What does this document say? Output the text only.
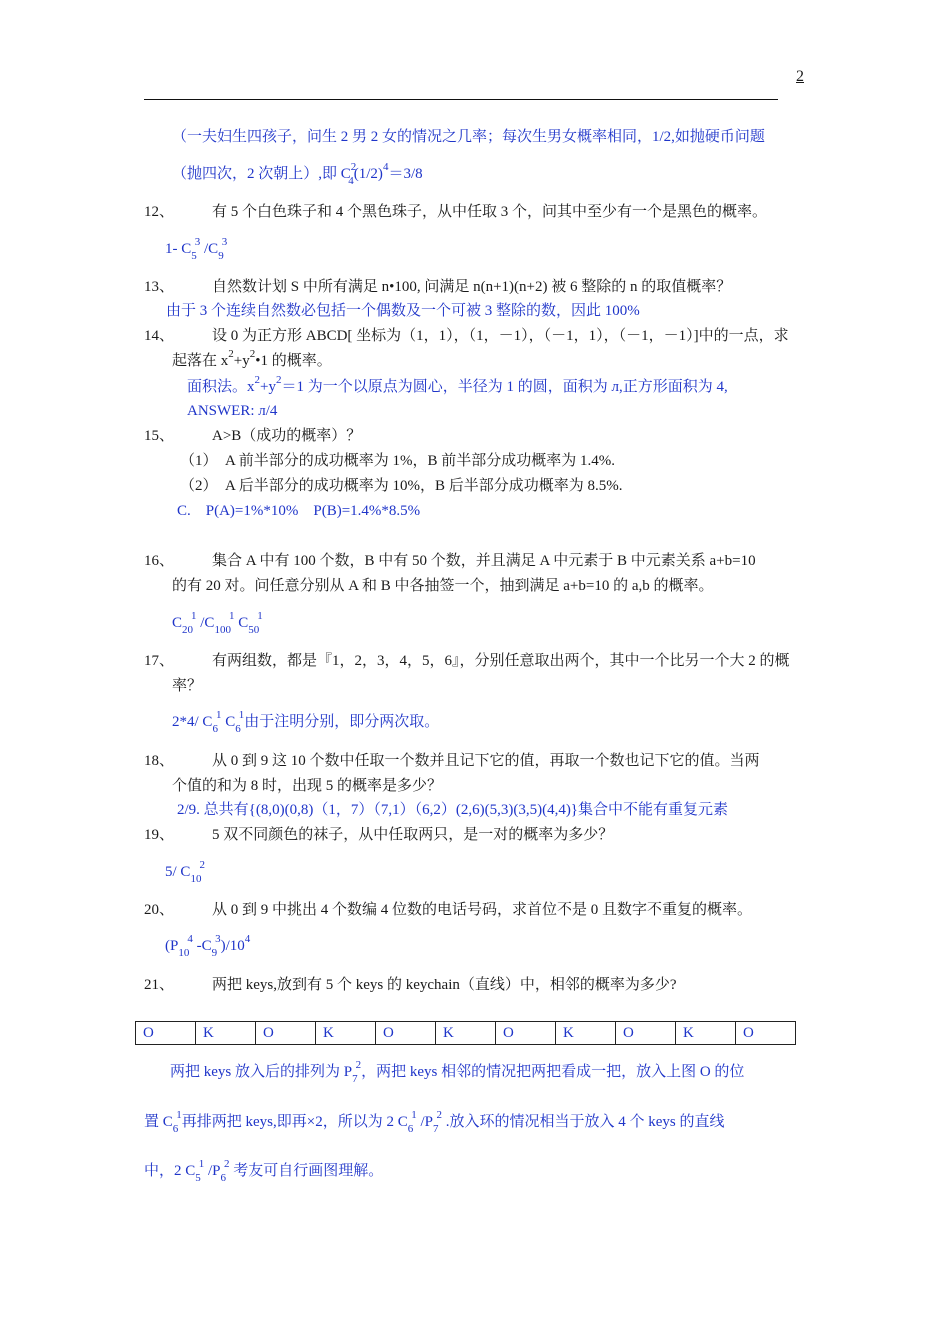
2
（一夫妇生四孩子，问生 2 男 2 女的情况之几率；每次生男女概率相同，1/2,如抛硬币问题
（抛四次，2 次朝上）,即 $C^2_4(1/2)^4=3/8$
12、	有 5 个白色珠子和 4 个黑色珠子，从中任取 3 个，问其中至少有一个是黑色的概率。
1- $C_5^3$ $/C_9^3$
13、	自然数计划 S 中所有满足 n•100, 问满足 n(n+1)(n+2) 被 6 整除的 n 的取值概率？
由于 3 个连续自然数必包括一个偶数及一个可被 3 整除的数，因此 100%
14、	设 0 为正方形 ABCD[ 坐标为（1，1），（1，－1），（－1，1），（－1，－1）]中的一点，求
起落在 $x^2+y^2•1$ 的概率。
面积法。$x^2+y^2=1$ 为一个以原点为圆心，半径为 1 的圆，面积为 л,正方形面积为 4,
ANSWER: л/4
15、	A>B（成功的概率）？
（1）　A 前半部分的成功概率为 1%，B 前半部分成功概率为 1.4%.
（2）　A 后半部分的成功概率为 10%，B 后半部分成功概率为 8.5%.
C.　P(A)=1%*10%　P(B)=1.4%*8.5%
16、	集合 A 中有 100 个数，B 中有 50 个数，并且满足 A 中元素于 B 中元素关系 a+b=10
的有 20 对。问任意分别从 A 和 B 中各抽签一个，抽到满足 a+b=10 的 a,b 的概率。
$C_{20}^1$ $/C_{100}^1$ $C_{50}^1$
17、	有两组数，都是『1，2，3，4，5，6』，分别任意取出两个，其中一个比另一个大 2 的概
率？
2*4/ $C_6^1$ $C_6^1$由于注明分别，即分两次取。
18、	从 0 到 9 这 10 个数中任取一个数并且记下它的值，再取一个数也记下它的值。当两
个值的和为 8 时，出现 5 的概率是多少？
2/9. 总共有{(8,0)(0,8)（1，7）（7,1）（6,2）(2,6)(5,3)(3,5)(4,4)}集合中不能有重复元素
19、	5 双不同颜色的袜子，从中任取两只，是一对的概率为多少？
5/ $C_{10}^2$
20、	从 0 到 9 中挑出 4 个数编 4 位数的电话号码，求首位不是 0 且数字不重复的概率。
($P_{10}^4$ $-C_9^3)/10^4$
21、	两把 keys,放到有 5 个 keys 的 keychain（直线）中，相邻的概率为多少?
O	K	O	K	O	K	O	K	O	K	O
两把 keys 放入后的排列为 $P_7^2$，两把 keys 相邻的情况把两把看成一把，放入上图 O 的位
置 $C_6^1$再排两把 keys,即再×2，所以为 2 $C_6^1$ $/P_7^2$ .放入环的情况相当于放入 4 个 keys 的直线
中，2 $C_5^1$ $/P_6^2$ 考友可自行画图理解。
